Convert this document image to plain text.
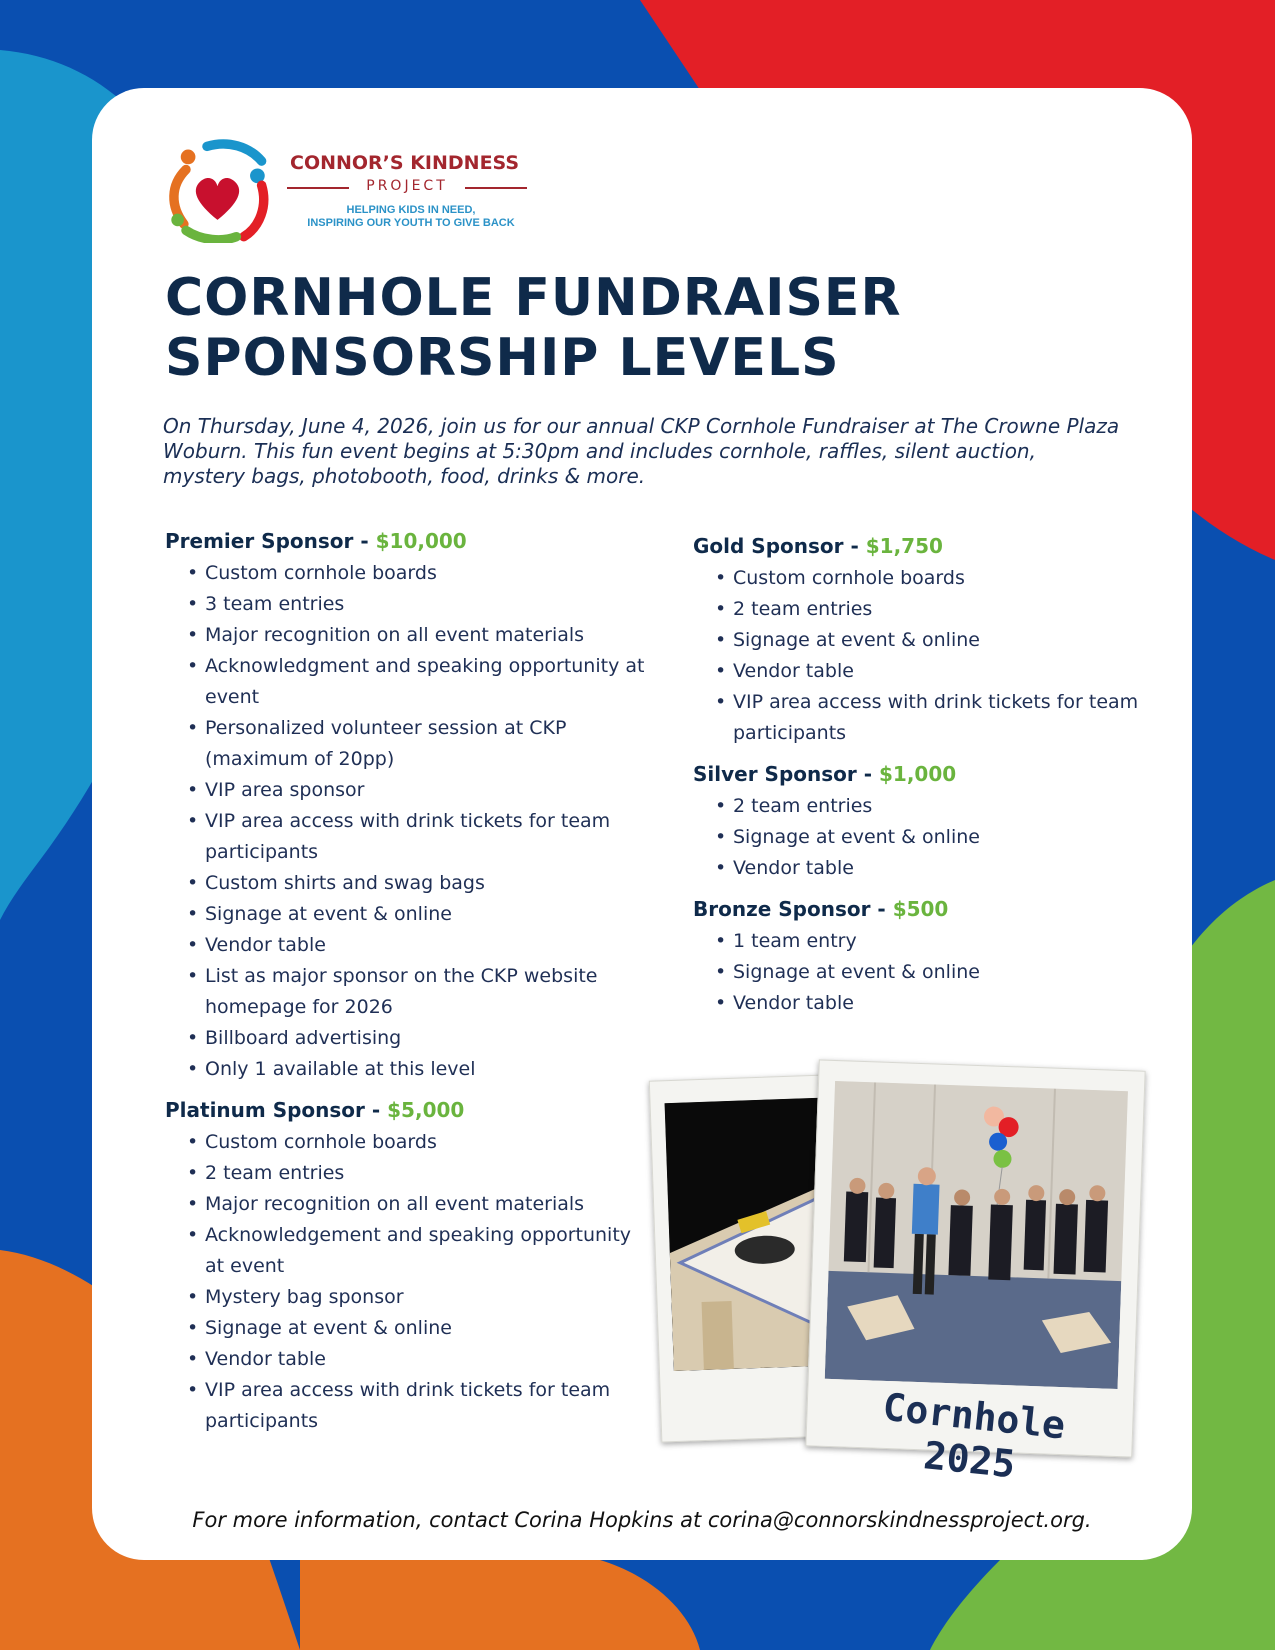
CONNOR’S KINDNESS
PROJECT
HELPING KIDS IN NEED,
INSPIRING OUR YOUTH TO GIVE BACK
CORNHOLE FUNDRAISER
SPONSORSHIP LEVELS

On Thursday, June 4, 2026, join us for our annual CKP Cornhole Fundraiser at The Crowne Plaza Woburn. This fun event begins at 5:30pm and includes cornhole, raffles, silent auction, mystery bags, photobooth, food, drinks & more.

Premier Sponsor - $10,000
• Custom cornhole boards
• 3 team entries
• Major recognition on all event materials
• Acknowledgment and speaking opportunity at event
• Personalized volunteer session at CKP (maximum of 20pp)
• VIP area sponsor
• VIP area access with drink tickets for team participants
• Custom shirts and swag bags
• Signage at event & online
• Vendor table
• List as major sponsor on the CKP website homepage for 2026
• Billboard advertising
• Only 1 available at this level
Platinum Sponsor - $5,000
• Custom cornhole boards
• 2 team entries
• Major recognition on all event materials
• Acknowledgement and speaking opportunity at event
• Mystery bag sponsor
• Signage at event & online
• Vendor table
• VIP area access with drink tickets for team participants
Gold Sponsor - $1,750
• Custom cornhole boards
• 2 team entries
• Signage at event & online
• Vendor table
• VIP area access with drink tickets for team participants
Silver Sponsor - $1,000
• 2 team entries
• Signage at event & online
• Vendor table
Bronze Sponsor - $500
• 1 team entry
• Signage at event & online
• Vendor table
Cornhole 2025

For more information, contact Corina Hopkins at corina@connorskindnessproject.org.
